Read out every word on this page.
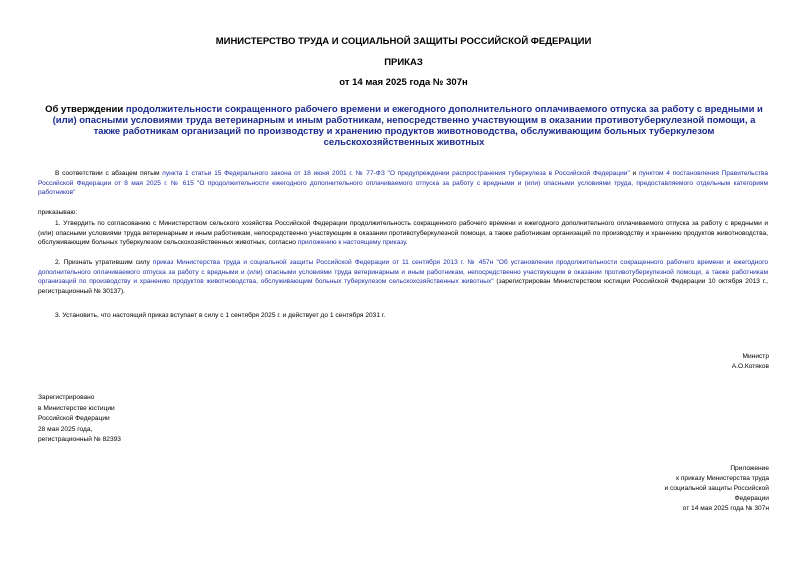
МИНИСТЕРСТВО ТРУДА И СОЦИАЛЬНОЙ ЗАЩИТЫ РОССИЙСКОЙ ФЕДЕРАЦИИ
ПРИКАЗ
от 14 мая 2025 года № 307н
Об утверждении продолжительности сокращенного рабочего времени и ежегодного дополнительного оплачиваемого отпуска за работу с вредными и (или) опасными условиями труда ветеринарным и иным работникам, непосредственно участвующим в оказании противотуберкулезной помощи, а также работникам организаций по производству и хранению продуктов животноводства, обслуживающим больных туберкулезом сельскохозяйственных животных

В соответствии с абзацем пятым пункта 1 статьи 15 Федерального закона от 18 июня 2001 г. № 77-ФЗ "О предупреждении распространения туберкулеза в Российской Федерации" и пунктом 4 постановления Правительства Российской Федерации от 8 мая 2025 г. № 615 "О продолжительности ежегодного дополнительного оплачиваемого отпуска за работу с вредными и (или) опасными условиями труда, предоставляемого отдельным категориям работников"

приказываю:

1. Утвердить по согласованию с Министерством сельского хозяйства Российской Федерации продолжительность сокращенного рабочего времени и ежегодного дополнительного оплачиваемого отпуска за работу с вредными и (или) опасными условиями труда ветеринарным и иным работникам, непосредственно участвующим в оказании противотуберкулезной помощи, а также работникам организаций по производству и хранению продуктов животноводства, обслуживающим больных туберкулезом сельскохозяйственных животных, согласно приложению к настоящему приказу.

2. Признать утратившим силу приказ Министерства труда и социальной защиты Российской Федерации от 11 сентября 2013 г. № 457н "Об установлении продолжительности сокращенного рабочего времени и ежегодного дополнительного оплачиваемого отпуска за работу с вредными и (или) опасными условиями труда ветеринарным и иным работникам, непосредственно участвующим в оказании противотуберкулезной помощи, а также работникам организаций по производству и хранению продуктов животноводства, обслуживающим больных туберкулезом сельскохозяйственных животных" (зарегистрирован Министерством юстиции Российской Федерации 10 октября 2013 г., регистрационный № 30137).

3. Установить, что настоящий приказ вступает в силу с 1 сентября 2025 г. и действует до 1 сентября 2031 г.

Министр
А.О.Котяков
Зарегистрировано
в Министерстве юстиции
Российской Федерации
28 мая 2025 года,
регистрационный № 82393
Приложение
к приказу Министерства труда
и социальной защиты Российской
Федерации
от 14 мая 2025 года № 307н
